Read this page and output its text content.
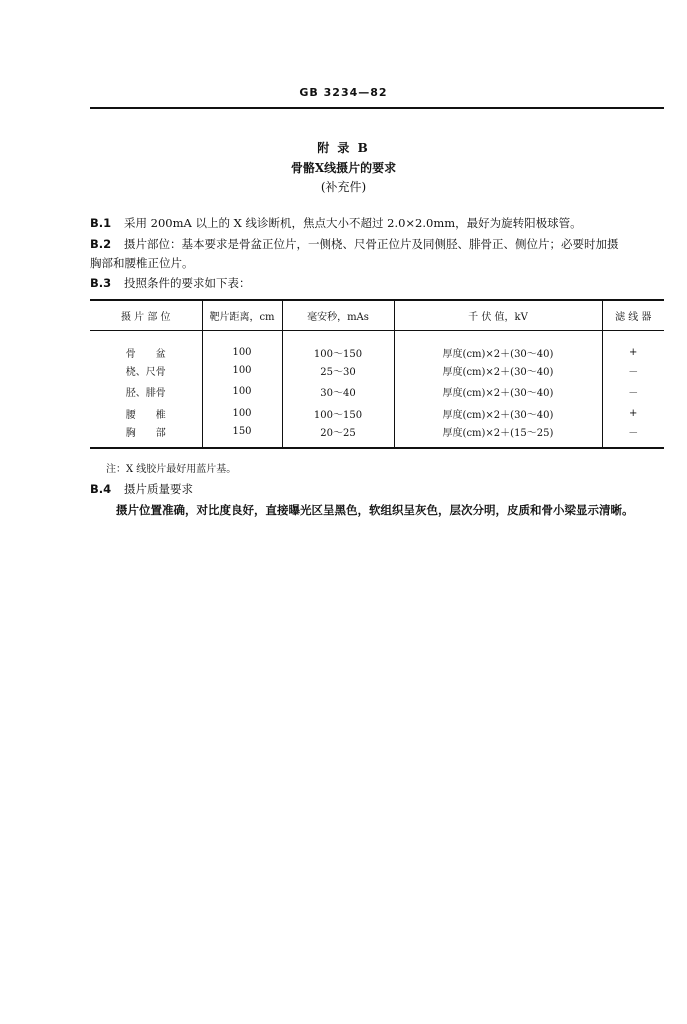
GB 3234—82
附 录 B
骨骼X线摄片的要求
(补充件)
B.1 采用 200mA 以上的 X 线诊断机，焦点大小不超过 2.0×2.0mm，最好为旋转阳极球管。
B.2 摄片部位：基本要求是骨盆正位片，一侧桡、尺骨正位片及同侧胫、腓骨正、侧位片；必要时加摄
胸部和腰椎正位片。
B.3 投照条件的要求如下表：
摄 片 部 位	靶片距离，cm	毫安秒，mAs	千 伏 值，kV	滤 线 器
骨　　盆	100	100～150	厚度(cm)×2＋(30～40)	+
桡、尺骨	100	25～30	厚度(cm)×2＋(30～40)	－
胫、腓骨	100	30～40	厚度(cm)×2＋(30～40)	－
腰　　椎	100	100～150	厚度(cm)×2＋(30～40)	+
胸　　部	150	20～25	厚度(cm)×2＋(15～25)	－
注：X 线胶片最好用蓝片基。
B.4 摄片质量要求
摄片位置准确，对比度良好，直接曝光区呈黑色，软组织呈灰色，层次分明，皮质和骨小梁显示清晰。
